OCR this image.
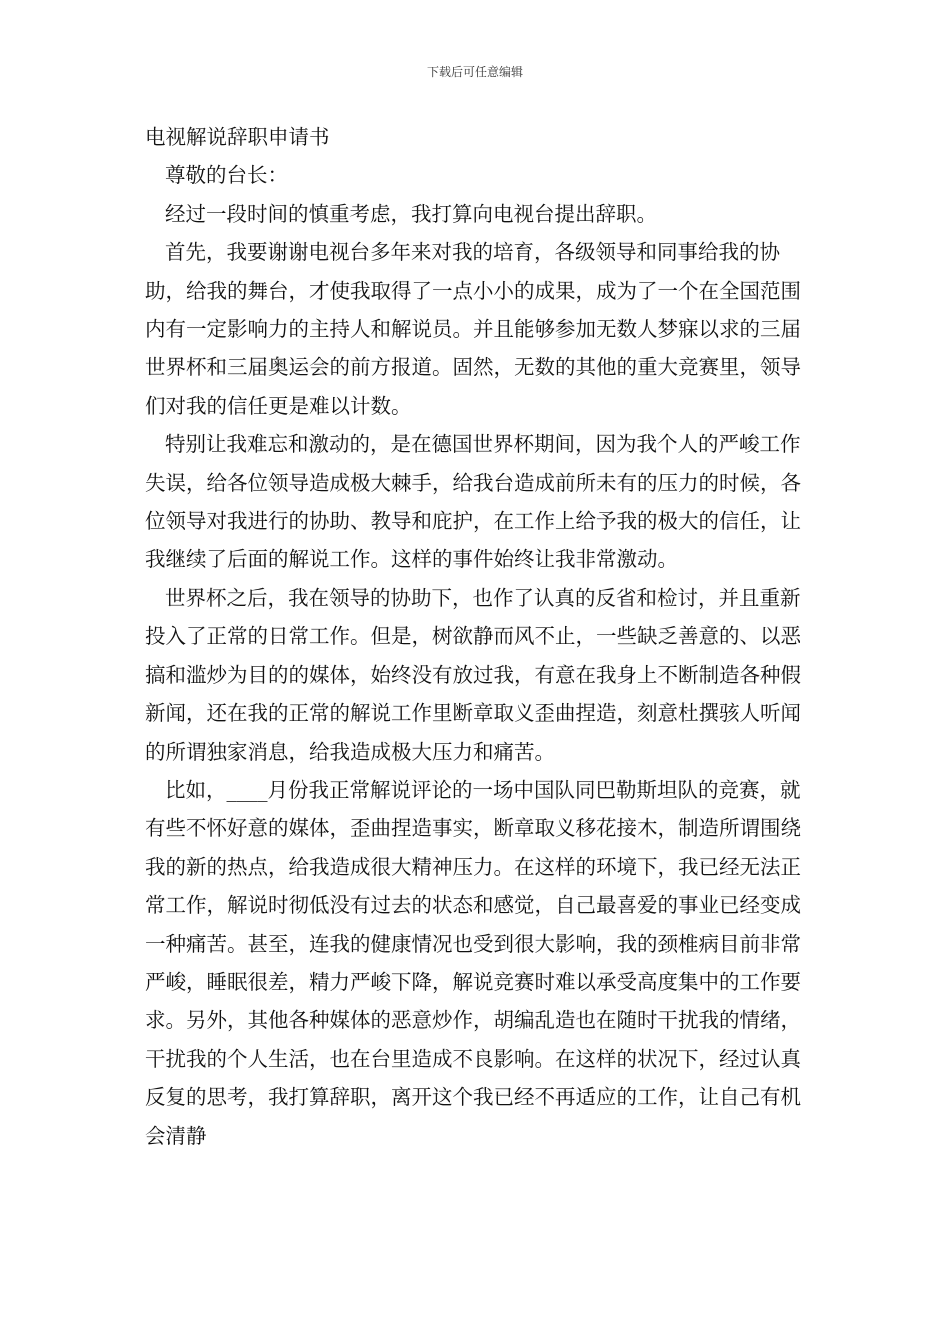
下载后可任意编辑

电视解说辞职申请书

尊敬的台长：

经过一段时间的慎重考虑，我打算向电视台提出辞职。

首先，我要谢谢电视台多年来对我的培育，各级领导和同事给我的协助，给我的舞台，才使我取得了一点小小的成果，成为了一个在全国范围内有一定影响力的主持人和解说员。并且能够参加无数人梦寐以求的三届世界杯和三届奥运会的前方报道。固然，无数的其他的重大竞赛里，领导们对我的信任更是难以计数。

特别让我难忘和激动的，是在德国世界杯期间，因为我个人的严峻工作失误，给各位领导造成极大棘手，给我台造成前所未有的压力的时候，各位领导对我进行的协助、教导和庇护，在工作上给予我的极大的信任，让我继续了后面的解说工作。这样的事件始终让我非常激动。

世界杯之后，我在领导的协助下，也作了认真的反省和检讨，并且重新投入了正常的日常工作。但是，树欲静而风不止，一些缺乏善意的、以恶搞和滥炒为目的的媒体，始终没有放过我，有意在我身上不断制造各种假新闻，还在我的正常的解说工作里断章取义歪曲捏造，刻意杜撰骇人听闻的所谓独家消息，给我造成极大压力和痛苦。

比如，____月份我正常解说评论的一场中国队同巴勒斯坦队的竞赛，就有些不怀好意的媒体，歪曲捏造事实，断章取义移花接木，制造所谓围绕我的新的热点，给我造成很大精神压力。在这样的环境下，我已经无法正常工作，解说时彻低没有过去的状态和感觉，自己最喜爱的事业已经变成一种痛苦。甚至，连我的健康情况也受到很大影响，我的颈椎病目前非常严峻，睡眠很差，精力严峻下降，解说竞赛时难以承受高度集中的工作要求。另外，其他各种媒体的恶意炒作，胡编乱造也在随时干扰我的情绪，干扰我的个人生活，也在台里造成不良影响。在这样的状况下，经过认真反复的思考，我打算辞职，离开这个我已经不再适应的工作，让自己有机会清静
